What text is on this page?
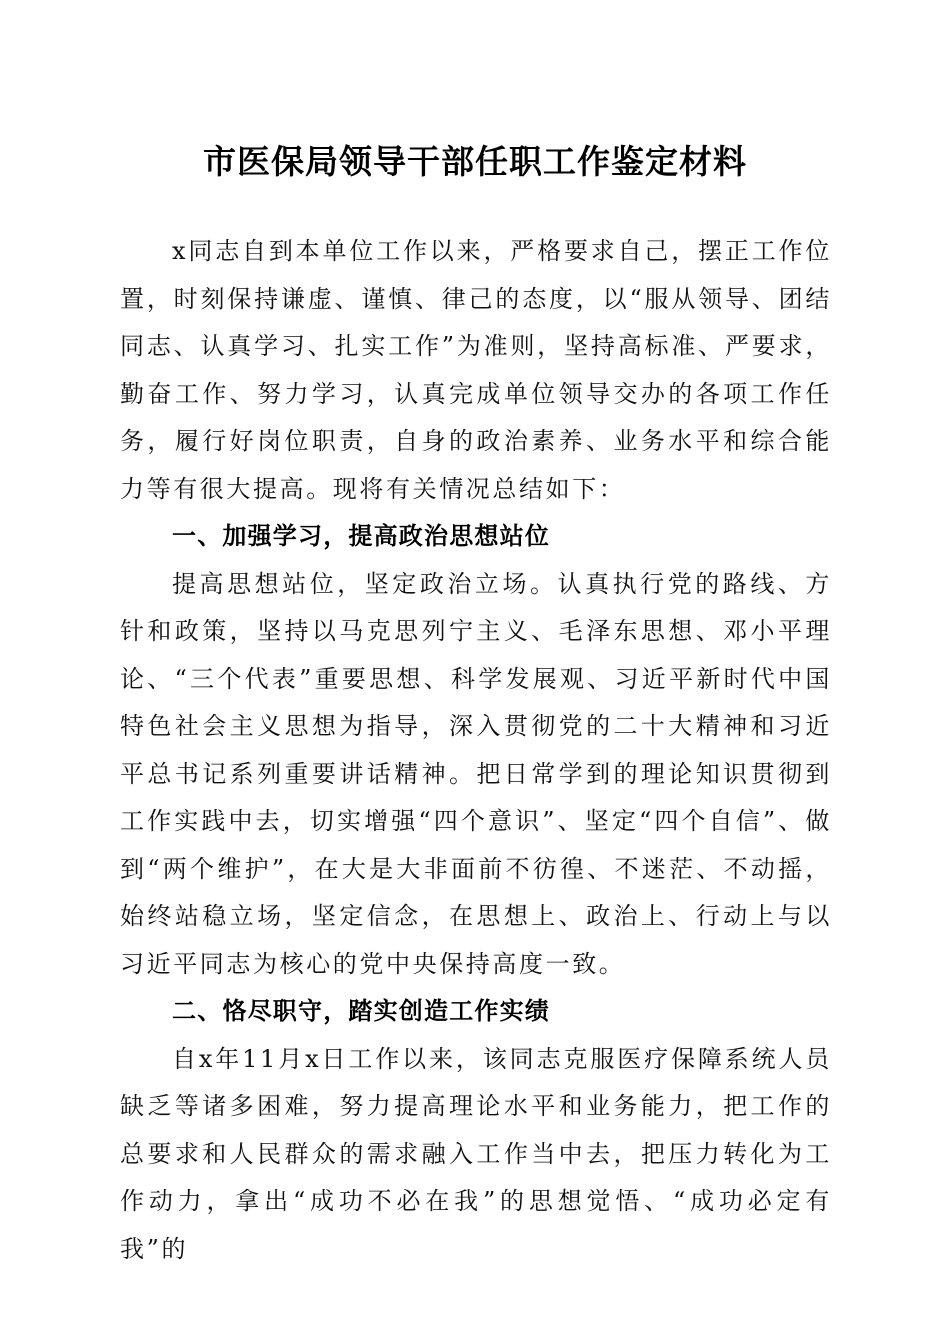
市医保局领导干部任职工作鉴定材料

x同志自到本单位工作以来，严格要求自己，摆正工作位置，时刻保持谦虚、谨慎、律己的态度，以“服从领导、团结同志、认真学习、扎实工作”为准则，坚持高标准、严要求，勤奋工作、努力学习，认真完成单位领导交办的各项工作任务，履行好岗位职责，自身的政治素养、业务水平和综合能力等有很大提高。现将有关情况总结如下：

一、加强学习，提高政治思想站位

提高思想站位，坚定政治立场。认真执行党的路线、方针和政策，坚持以马克思列宁主义、毛泽东思想、邓小平理论、“三个代表”重要思想、科学发展观、习近平新时代中国特色社会主义思想为指导，深入贯彻党的二十大精神和习近平总书记系列重要讲话精神。把日常学到的理论知识贯彻到工作实践中去，切实增强“四个意识”、坚定“四个自信”、做到“两个维护”，在大是大非面前不彷徨、不迷茫、不动摇，始终站稳立场，坚定信念，在思想上、政治上、行动上与以习近平同志为核心的党中央保持高度一致。

二、恪尽职守，踏实创造工作实绩

自x年11月x日工作以来，该同志克服医疗保障系统人员缺乏等诸多困难，努力提高理论水平和业务能力，把工作的总要求和人民群众的需求融入工作当中去，把压力转化为工作动力，拿出“成功不必在我”的思想觉悟、“成功必定有我”的
